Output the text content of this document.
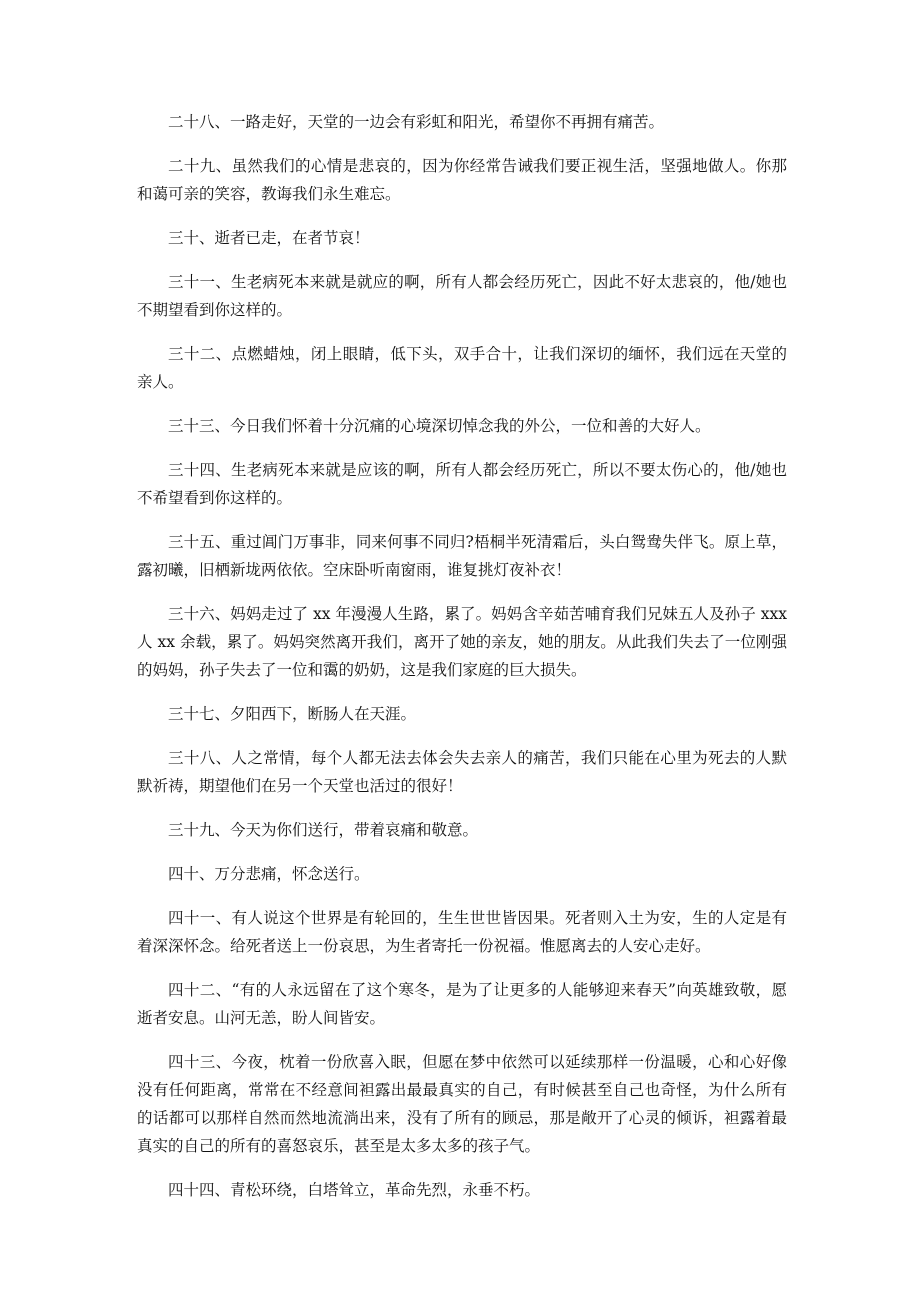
二十八、一路走好，天堂的一边会有彩虹和阳光，希望你不再拥有痛苦。

二十九、虽然我们的心情是悲哀的，因为你经常告诫我们要正视生活，坚强地做人。你那和蔼可亲的笑容，教诲我们永生难忘。

三十、逝者已走，在者节哀！

三十一、生老病死本来就是就应的啊，所有人都会经历死亡，因此不好太悲哀的，他/她也不期望看到你这样的。

三十二、点燃蜡烛，闭上眼睛，低下头，双手合十，让我们深切的缅怀，我们远在天堂的亲人。

三十三、今日我们怀着十分沉痛的心境深切悼念我的外公，一位和善的大好人。

三十四、生老病死本来就是应该的啊，所有人都会经历死亡，所以不要太伤心的，他/她也不希望看到你这样的。

三十五、重过阊门万事非，同来何事不同归?梧桐半死清霜后，头白鸳鸯失伴飞。原上草，露初曦，旧栖新垅两依依。空床卧听南窗雨，谁复挑灯夜补衣！

三十六、妈妈走过了 xx 年漫漫人生路，累了。妈妈含辛茹苦哺育我们兄妹五人及孙子 xxx 人 xx 余载，累了。妈妈突然离开我们，离开了她的亲友，她的朋友。从此我们失去了一位刚强的妈妈，孙子失去了一位和霭的奶奶，这是我们家庭的巨大损失。

三十七、夕阳西下，断肠人在天涯。

三十八、人之常情，每个人都无法去体会失去亲人的痛苦，我们只能在心里为死去的人默默祈祷，期望他们在另一个天堂也活过的很好！

三十九、今天为你们送行，带着哀痛和敬意。

四十、万分悲痛，怀念送行。

四十一、有人说这个世界是有轮回的，生生世世皆因果。死者则入土为安，生的人定是有着深深怀念。给死者送上一份哀思，为生者寄托一份祝福。惟愿离去的人安心走好。

四十二、“有的人永远留在了这个寒冬，是为了让更多的人能够迎来春天”向英雄致敬，愿逝者安息。山河无恙，盼人间皆安。

四十三、今夜，枕着一份欣喜入眠，但愿在梦中依然可以延续那样一份温暖，心和心好像没有任何距离，常常在不经意间袒露出最最真实的自己，有时候甚至自己也奇怪，为什么所有的话都可以那样自然而然地流淌出来，没有了所有的顾忌，那是敞开了心灵的倾诉，袒露着最真实的自己的所有的喜怒哀乐，甚至是太多太多的孩子气。

四十四、青松环绕，白塔耸立，革命先烈，永垂不朽。
